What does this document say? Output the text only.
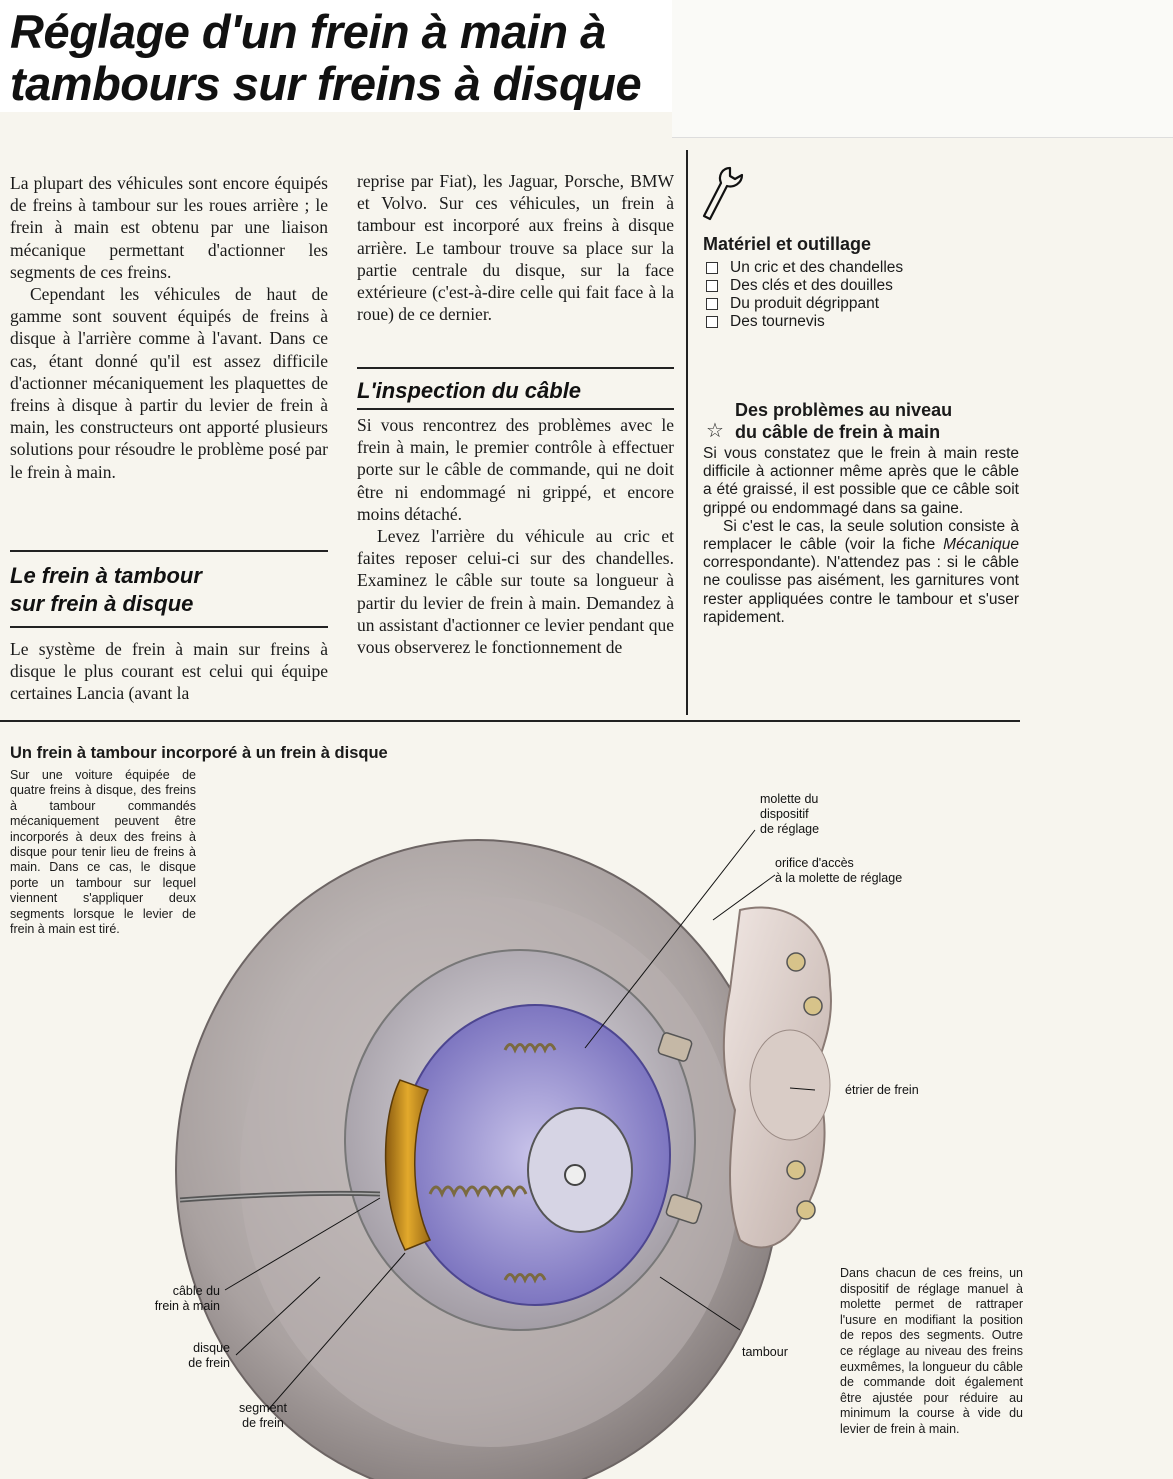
Réglage d'un frein à main à
tambours sur freins à disque

La plupart des véhicules sont encore équipés de freins à tambour sur les roues arrière ; le frein à main est obtenu par une liaison mécanique permettant d'actionner les segments de ces freins.

Cependant les véhicules de haut de gamme sont souvent équipés de freins à disque à l'arrière comme à l'avant. Dans ce cas, étant donné qu'il est assez difficile d'actionner mécaniquement les plaquettes de freins à disque à partir du levier de frein à main, les constructeurs ont apporté plusieurs solutions pour résoudre le problème posé par le frein à main.

Le frein à tambour
sur frein à disque

Le système de frein à main sur freins à disque le plus courant est celui qui équipe certaines Lancia (avant la

reprise par Fiat), les Jaguar, Porsche, BMW et Volvo. Sur ces véhicules, un frein à tambour est incorporé aux freins à disque arrière. Le tambour trouve sa place sur la partie centrale du disque, sur la face extérieure (c'est-à-dire celle qui fait face à la roue) de ce dernier.

L'inspection du câble

Si vous rencontrez des problèmes avec le frein à main, le premier contrôle à effectuer porte sur le câble de commande, qui ne doit être ni endommagé ni grippé, et encore moins détaché.

Levez l'arrière du véhicule au cric et faites reposer celui-ci sur des chandelles. Examinez le câble sur toute sa longueur à partir du levier de frein à main. Demandez à un assistant d'actionner ce levier pendant que vous observerez le fonctionnement de

Matériel et outillage
Un cric et des chandelles
Des clés et des douilles
Du produit dégrippant
Des tournevis
☆
Des problèmes au niveau
du câble de frein à main

Si vous constatez que le frein à main reste difficile à actionner même après que le câble a été graissé, il est possible que ce câble soit grippé ou endommagé dans sa gaine.

Si c'est le cas, la seule solution consiste à remplacer le câble (voir la fiche Mécanique correspondante). N'attendez pas : si le câble ne coulisse pas aisément, les garnitures vont rester appliquées contre le tambour et s'user rapidement.

Un frein à tambour incorporé à un frein à disque
Sur une voiture équipée de quatre freins à disque, des freins à tambour commandés mécaniquement peuvent être incorporés à deux des freins à disque pour tenir lieu de freins à main. Dans ce cas, le disque porte un tambour sur lequel viennent s'appliquer deux segments lorsque le levier de frein à main est tiré.
molette du
dispositif
de réglage
orifice d'accès
à la molette de réglage
étrier de frein
câble du
frein à main
disque
de frein
segment
de frein
tambour
Dans chacun de ces freins, un dispositif de réglage manuel à molette permet de rattraper l'usure en modifiant la position de repos des segments. Outre ce réglage au niveau des freins euxmêmes, la longueur du câble de commande doit également être ajustée pour réduire au minimum la course à vide du levier de frein à main.
